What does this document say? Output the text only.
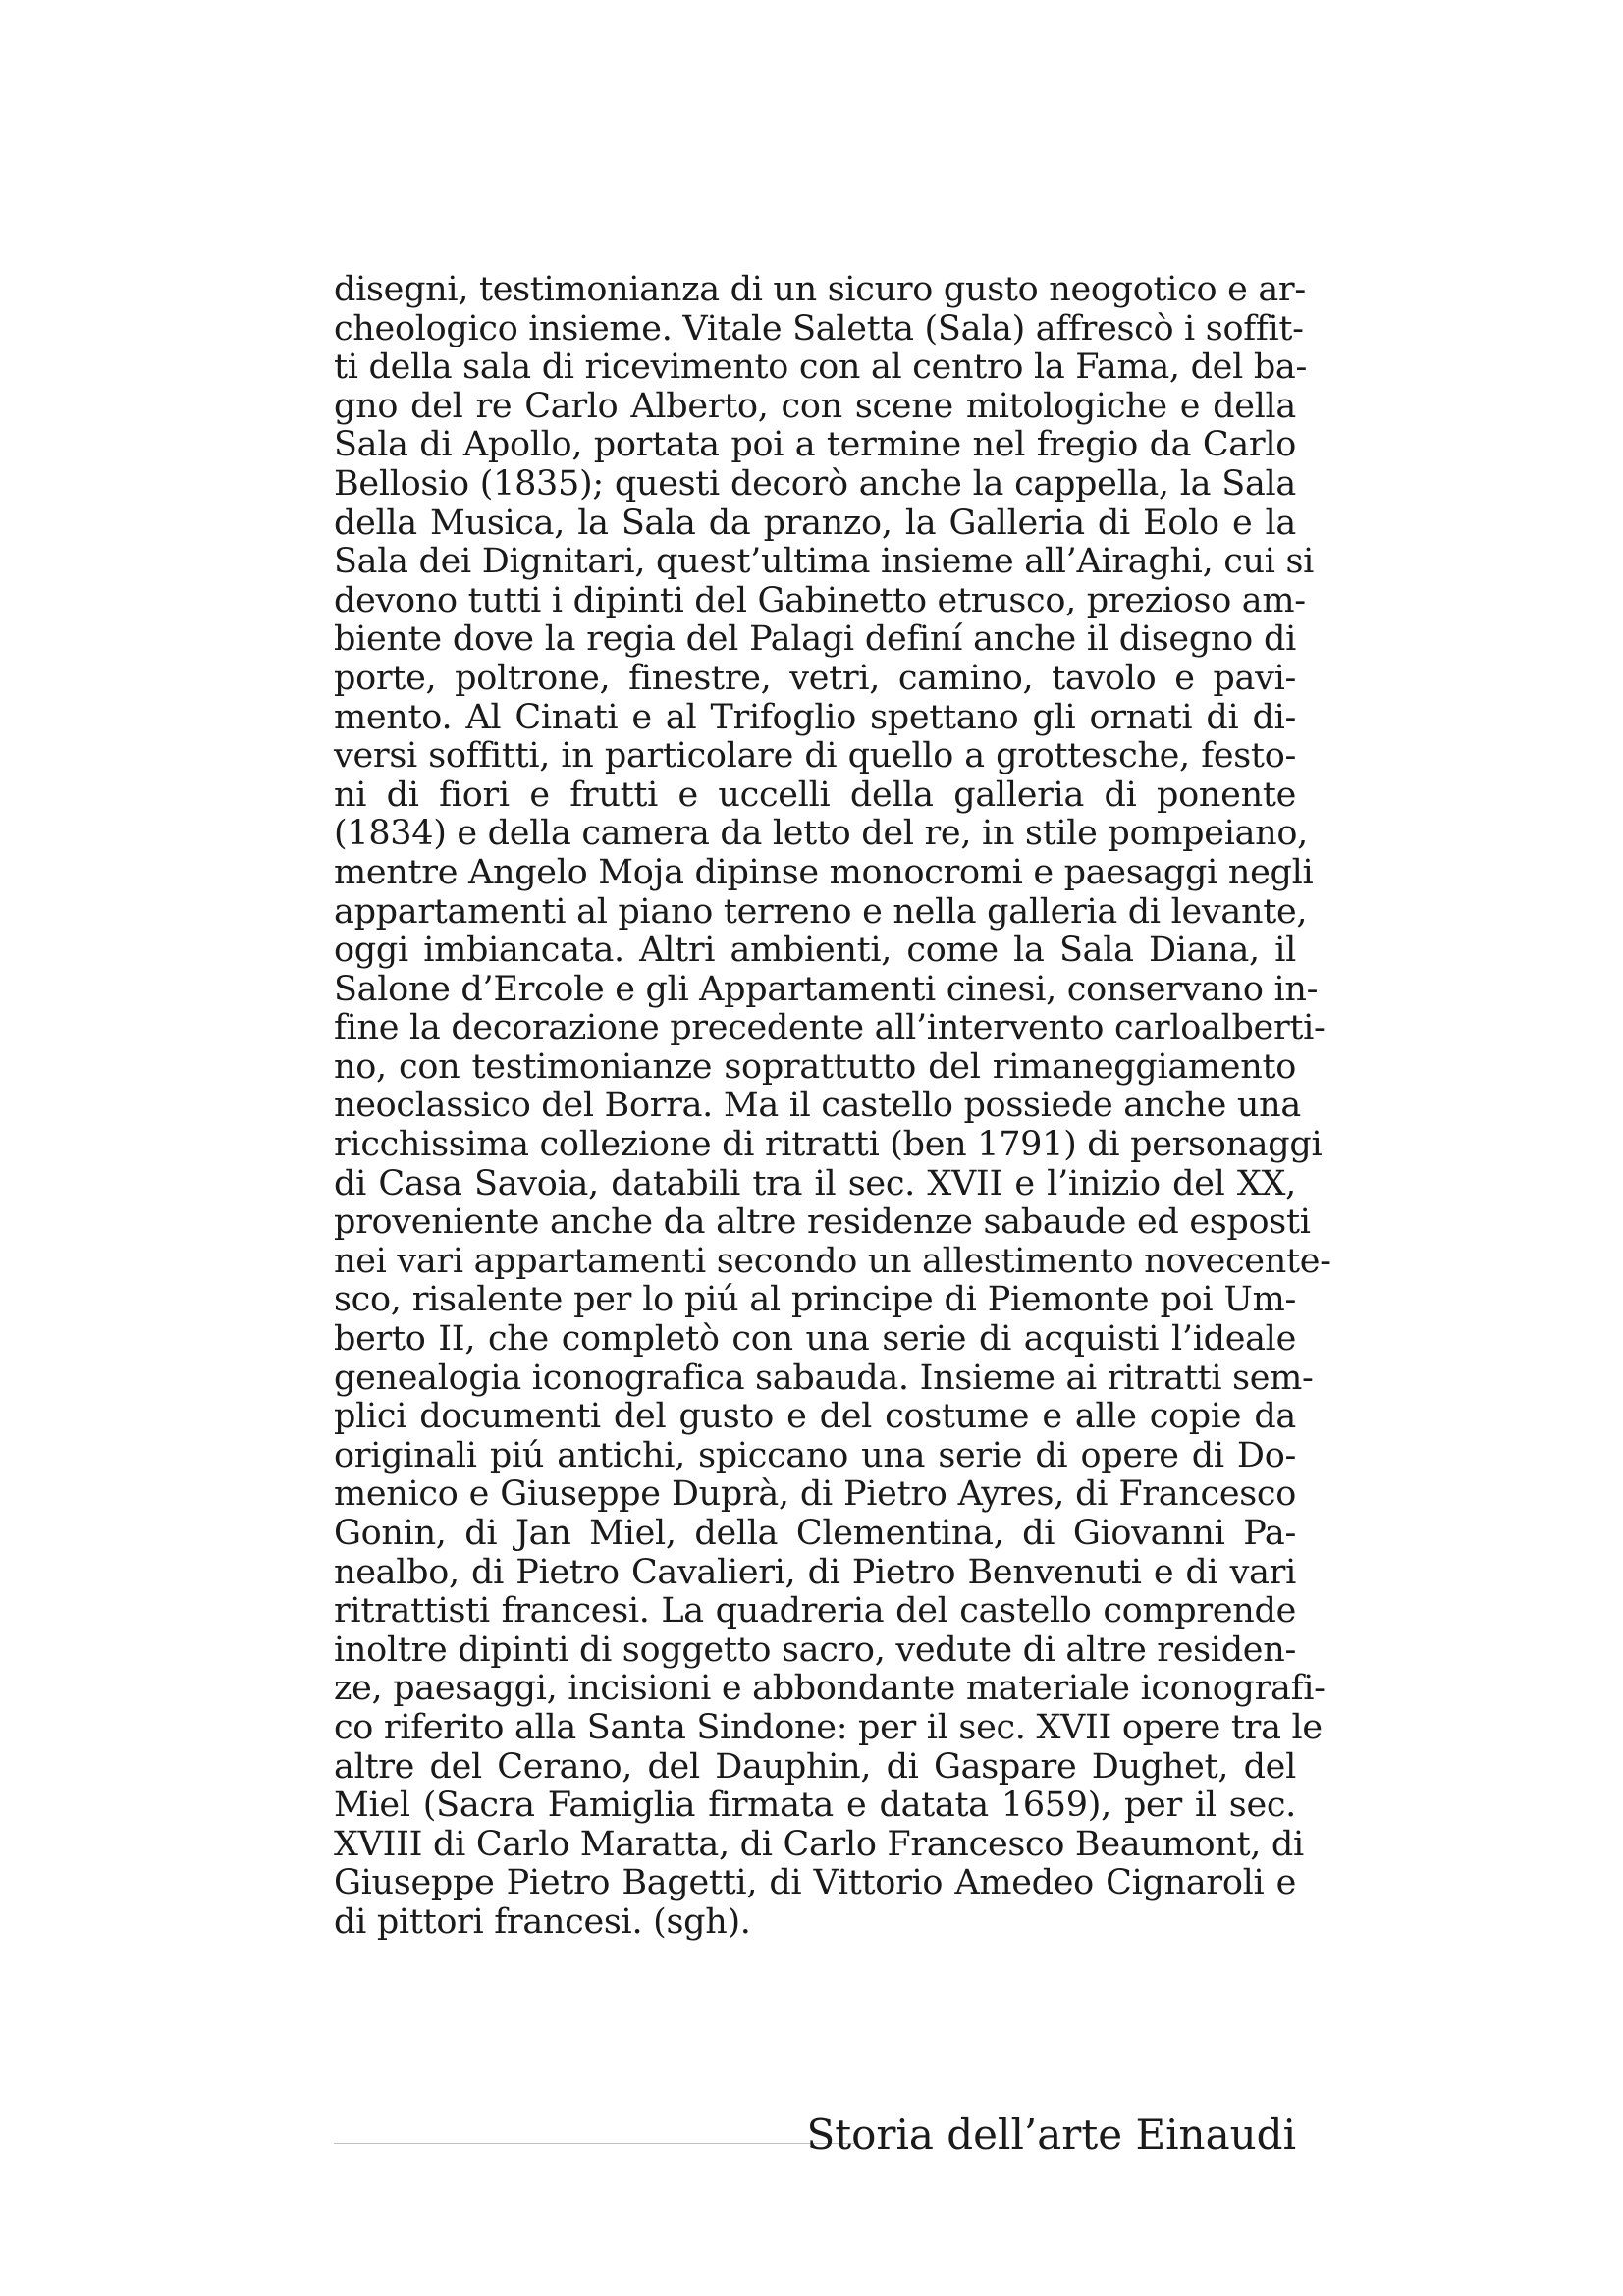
disegni, testimonianza di un sicuro gusto neogotico e ar-
cheologico insieme. Vitale Saletta (Sala) affrescò i soffit-
ti della sala di ricevimento con al centro la Fama, del ba-
gno del re Carlo Alberto, con scene mitologiche e della
Sala di Apollo, portata poi a termine nel fregio da Carlo
Bellosio (1835); questi decorò anche la cappella, la Sala
della Musica, la Sala da pranzo, la Galleria di Eolo e la
Sala dei Dignitari, quest’ultima insieme all’Airaghi, cui si
devono tutti i dipinti del Gabinetto etrusco, prezioso am-
biente dove la regia del Palagi definí anche il disegno di
porte, poltrone, finestre, vetri, camino, tavolo e pavi-
mento. Al Cinati e al Trifoglio spettano gli ornati di di-
versi soffitti, in particolare di quello a grottesche, festo-
ni di fiori e frutti e uccelli della galleria di ponente
(1834) e della camera da letto del re, in stile pompeiano,
mentre Angelo Moja dipinse monocromi e paesaggi negli
appartamenti al piano terreno e nella galleria di levante,
oggi imbiancata. Altri ambienti, come la Sala Diana, il
Salone d’Ercole e gli Appartamenti cinesi, conservano in-
fine la decorazione precedente all’intervento carloalberti-
no, con testimonianze soprattutto del rimaneggiamento
neoclassico del Borra. Ma il castello possiede anche una
ricchissima collezione di ritratti (ben 1791) di personaggi
di Casa Savoia, databili tra il sec. XVII e l’inizio del XX,
proveniente anche da altre residenze sabaude ed esposti
nei vari appartamenti secondo un allestimento novecente-
sco, risalente per lo piú al principe di Piemonte poi Um-
berto II, che completò con una serie di acquisti l’ideale
genealogia iconografica sabauda. Insieme ai ritratti sem-
plici documenti del gusto e del costume e alle copie da
originali piú antichi, spiccano una serie di opere di Do-
menico e Giuseppe Duprà, di Pietro Ayres, di Francesco
Gonin, di Jan Miel, della Clementina, di Giovanni Pa-
nealbo, di Pietro Cavalieri, di Pietro Benvenuti e di vari
ritrattisti francesi. La quadreria del castello comprende
inoltre dipinti di soggetto sacro, vedute di altre residen-
ze, paesaggi, incisioni e abbondante materiale iconografi-
co riferito alla Santa Sindone: per il sec. XVII opere tra le
altre del Cerano, del Dauphin, di Gaspare Dughet, del
Miel (Sacra Famiglia firmata e datata 1659), per il sec.
XVIII di Carlo Maratta, di Carlo Francesco Beaumont, di
Giuseppe Pietro Bagetti, di Vittorio Amedeo Cignaroli e
di pittori francesi. (sgh).
Storia dell’arte Einaudi
